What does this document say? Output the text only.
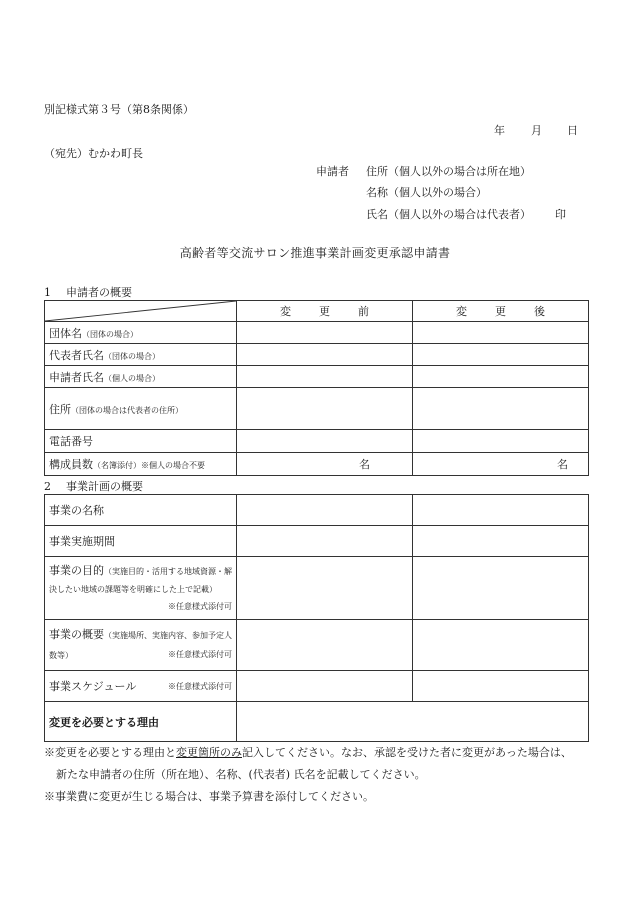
別記様式第３号（第8条関係）
年 月 日
（宛先）むかわ町長
申請者 住所（個人以外の場合は所在地）
名称（個人以外の場合）
氏名（個人以外の場合は代表者） 印
高齢者等交流サロン推進事業計画変更承認申請書
1 申請者の概要
	変 更 前	変 更 後
団体名（団体の場合）		
代表者氏名（団体の場合）		
申請者氏名（個人の場合）		
住所（団体の場合は代表者の住所）		
電話番号		
構成員数（名簿添付）※個人の場合不要	名	名
2 事業計画の概要
事業の名称		
事業実施期間		
事業の目的（実施目的・活用する地域資源・解決したい地域の課題等を明確にした上で記載）
※任意様式添付可		

事業の概要（実施場所、実施内容、参加予定人数等） ※任意様式添付可		

事業スケジュール ※任意様式添付可		

変更を必要とする理由		
※変更を必要とする理由と変更箇所のみ記入してください。なお、承認を受けた者に変更があった場合は、
新たな申請者の住所（所在地）、名称、(代表者) 氏名を記載してください。
※事業費に変更が生じる場合は、事業予算書を添付してください。
